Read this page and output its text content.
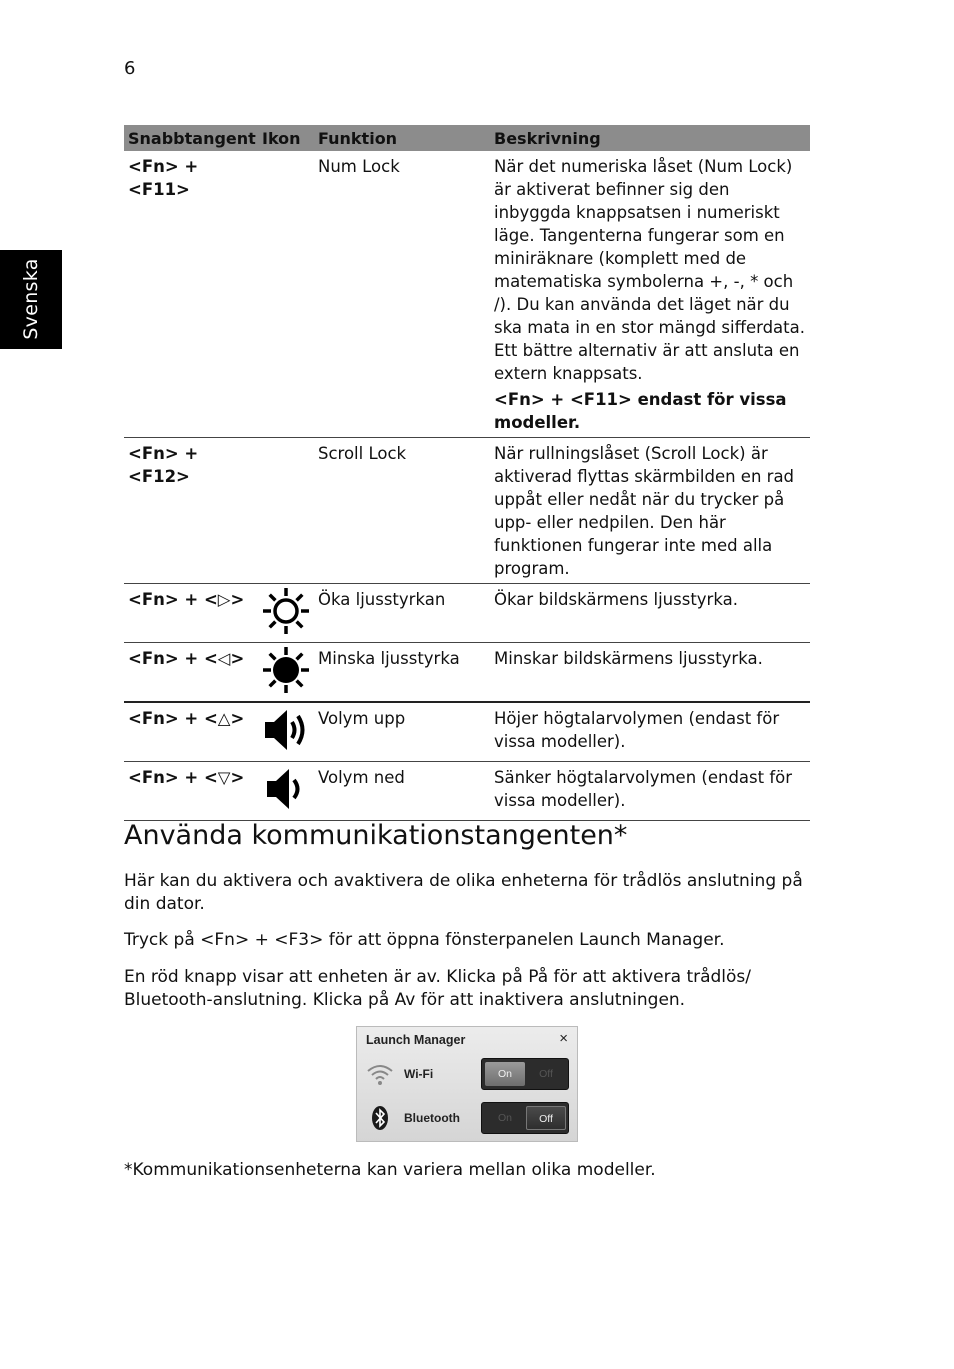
6
Svenska
Snabbtangent	Ikon	Funktion	Beskrivning
<Fn> + <F11>		Num Lock	När det numeriska låset (Num Lock) är aktiverat befinner sig den inbyggda knappsatsen i numeriskt läge. Tangenterna fungerar som en miniräknare (komplett med de matematiska symbolerna +, -, * och /). Du kan använda det läget när du ska mata in en stor mängd sifferdata. Ett bättre alternativ är att ansluta en extern knappsats.

<Fn> + <F11> endast för vissa modeller.

<Fn> + <F12>		Scroll Lock	När rullningslåset (Scroll Lock) är aktiverad flyttas skärmbilden en rad uppåt eller nedåt när du trycker på upp- eller nedpilen. Den här funktionen fungerar inte med alla program.

<Fn> + <▷>		Öka ljusstyrkan	Ökar bildskärmens ljusstyrka.

<Fn> + <◁>		Minska ljusstyrka	Minskar bildskärmens ljusstyrka.

<Fn> + <△>		Volym upp	Höjer högtalarvolymen (endast för vissa modeller).

<Fn> + <▽>		Volym ned	Sänker högtalarvolymen (endast för vissa modeller).

Använda kommunikationstangenten*

Här kan du aktivera och avaktivera de olika enheterna för trådlös anslutning på din dator.

Tryck på <Fn> + <F3> för att öppna fönsterpanelen Launch Manager.

En röd knapp visar att enheten är av. Klicka på På för att aktivera trådlös/ Bluetooth-anslutning. Klicka på Av för att inaktivera anslutningen.

Launch Manager	×
Wi-Fi	On	Off
Bluetooth	On	Off

*Kommunikationsenheterna kan variera mellan olika modeller.
